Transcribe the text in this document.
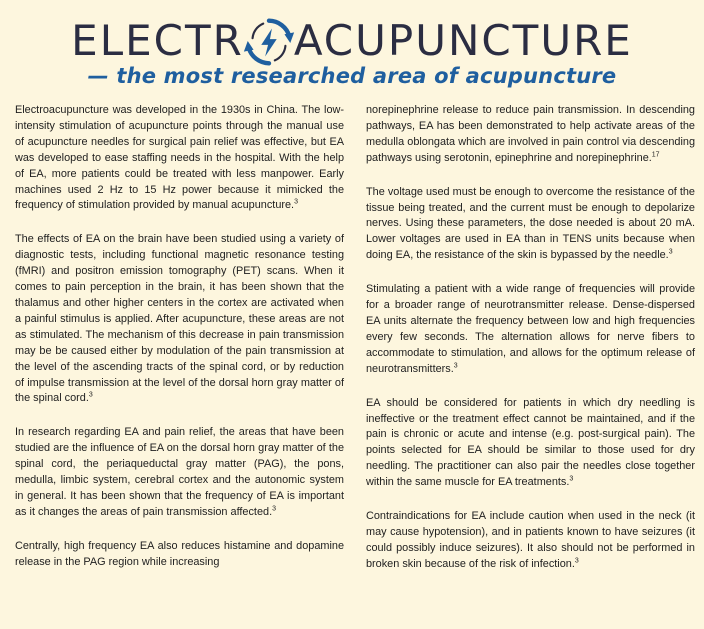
ELECTR ACUPUNCTURE
— the most researched area of acupuncture

Electroacupuncture was developed in the 1930s in China. The low-intensity stimulation of acupuncture points through the manual use of acupuncture needles for surgical pain relief was effective, but EA was developed to ease staffing needs in the hospital. With the help of EA, more patients could be treated with less manpower. Early machines used 2 Hz to 15 Hz power because it mimicked the frequency of stimulation provided by manual acupuncture.$^3$

The effects of EA on the brain have been studied using a variety of diagnostic tests, including functional magnetic resonance testing (fMRI) and positron emission tomography (PET) scans. When it comes to pain perception in the brain, it has been shown that the thalamus and other higher centers in the cortex are activated when a painful stimulus is applied. After acupuncture, these areas are not as stimulated. The mechanism of this decrease in pain transmission may be be caused either by modulation of the pain transmission at the level of the ascending tracts of the spinal cord, or by reduction of impulse transmission at the level of the dorsal horn gray matter of the spinal cord.$^3$

In research regarding EA and pain relief, the areas that have been studied are the influence of EA on the dorsal horn gray matter of the spinal cord, the periaqueductal gray matter (PAG), the pons, medulla, limbic system, cerebral cortex and the autonomic system in general. It has been shown that the frequency of EA is important as it changes the areas of pain transmission affected.$^3$

Centrally, high frequency EA also reduces histamine and dopamine release in the PAG region while increasing

norepinephrine release to reduce pain transmission. In descending pathways, EA has been demonstrated to help activate areas of the medulla oblongata which are involved in pain control via descending pathways using serotonin, epinephrine and norepinephrine.$^{17}$

The voltage used must be enough to overcome the resistance of the tissue being treated, and the current must be enough to depolarize nerves. Using these parameters, the dose needed is about 20 mA. Lower voltages are used in EA than in TENS units because when doing EA, the resistance of the skin is bypassed by the needle.$^3$

Stimulating a patient with a wide range of frequencies will provide for a broader range of neurotransmitter release. Dense-dispersed EA units alternate the frequency between low and high frequencies every few seconds. The alternation allows for nerve fibers to accommodate to stimulation, and allows for the optimum release of neurotransmitters.$^3$

EA should be considered for patients in which dry needling is ineffective or the treatment effect cannot be maintained, and if the pain is chronic or acute and intense (e.g. post-surgical pain). The points selected for EA should be similar to those used for dry needling. The practitioner can also pair the needles close together within the same muscle for EA treatments.$^3$

Contraindications for EA include caution when used in the neck (it may cause hypotension), and in patients known to have seizures (it could possibly induce seizures). It also should not be performed in broken skin because of the risk of infection.$^3$
